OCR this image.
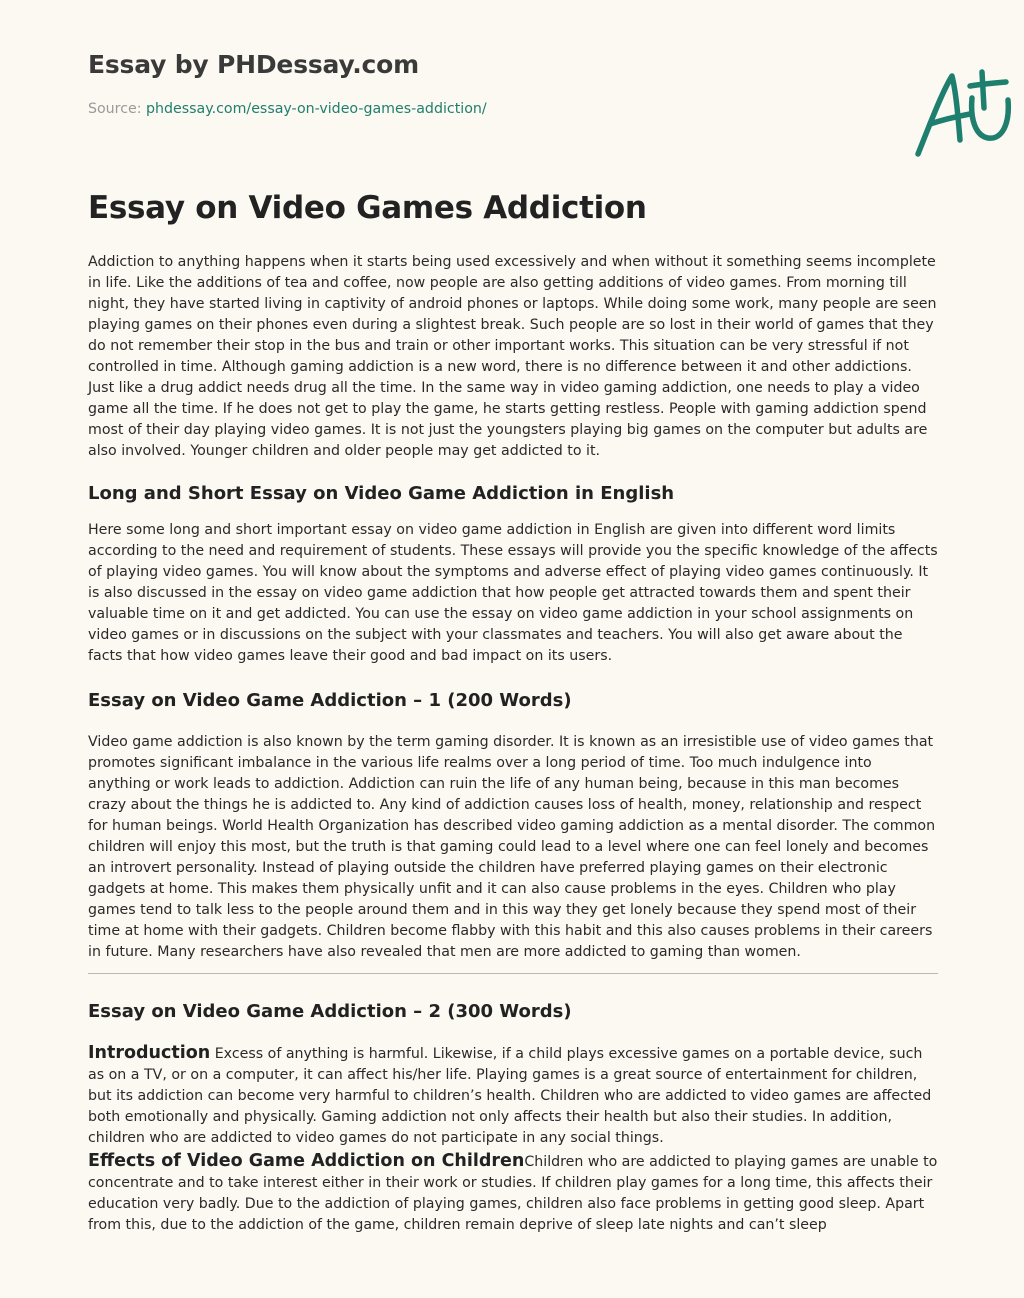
Essay by PHDessay.com
Source: phdessay.com/essay-on-video-games-addiction/
Essay on Video Games Addiction

Addiction to anything happens when it starts being used excessively and when without it something seems incomplete in life. Like the additions of tea and coffee, now people are also getting additions of video games. From morning till night, they have started living in captivity of android phones or laptops. While doing some work, many people are seen playing games on their phones even during a slightest break. Such people are so lost in their world of games that they do not remember their stop in the bus and train or other important works. This situation can be very stressful if not controlled in time. Although gaming addiction is a new word, there is no difference between it and other addictions. Just like a drug addict needs drug all the time. In the same way in video gaming addiction, one needs to play a video game all the time. If he does not get to play the game, he starts getting restless. People with gaming addiction spend most of their day playing video games. It is not just the youngsters playing big games on the computer but adults are also involved. Younger children and older people may get addicted to it.

Long and Short Essay on Video Game Addiction in English

Here some long and short important essay on video game addiction in English are given into different word limits according to the need and requirement of students. These essays will provide you the specific knowledge of the affects of playing video games. You will know about the symptoms and adverse effect of playing video games continuously. It is also discussed in the essay on video game addiction that how people get attracted towards them and spent their valuable time on it and get addicted. You can use the essay on video game addiction in your school assignments on video games or in discussions on the subject with your classmates and teachers. You will also get aware about the facts that how video games leave their good and bad impact on its users.

Essay on Video Game Addiction – 1 (200 Words)

Video game addiction is also known by the term gaming disorder. It is known as an irresistible use of video games that promotes significant imbalance in the various life realms over a long period of time. Too much indulgence into anything or work leads to addiction. Addiction can ruin the life of any human being, because in this man becomes crazy about the things he is addicted to. Any kind of addiction causes loss of health, money, relationship and respect for human beings. World Health Organization has described video gaming addiction as a mental disorder. The common children will enjoy this most, but the truth is that gaming could lead to a level where one can feel lonely and becomes an introvert personality. Instead of playing outside the children have preferred playing games on their electronic gadgets at home. This makes them physically unfit and it can also cause problems in the eyes. Children who play games tend to talk less to the people around them and in this way they get lonely because they spend most of their time at home with their gadgets. Children become flabby with this habit and this also causes problems in their careers in future. Many researchers have also revealed that men are more addicted to gaming than women.

Essay on Video Game Addiction – 2 (300 Words)

Introduction Excess of anything is harmful. Likewise, if a child plays excessive games on a portable device, such as on a TV, or on a computer, it can affect his/her life. Playing games is a great source of entertainment for children, but its addiction can become very harmful to children’s health. Children who are addicted to video games are affected both emotionally and physically. Gaming addiction not only affects their health but also their studies. In addition, children who are addicted to video games do not participate in any social things.

Effects of Video Game Addiction on ChildrenChildren who are addicted to playing games are unable to concentrate and to take interest either in their work or studies. If children play games for a long time, this affects their education very badly. Due to the addiction of playing games, children also face problems in getting good sleep. Apart from this, due to the addiction of the game, children remain deprive of sleep late nights and can’t sleep
